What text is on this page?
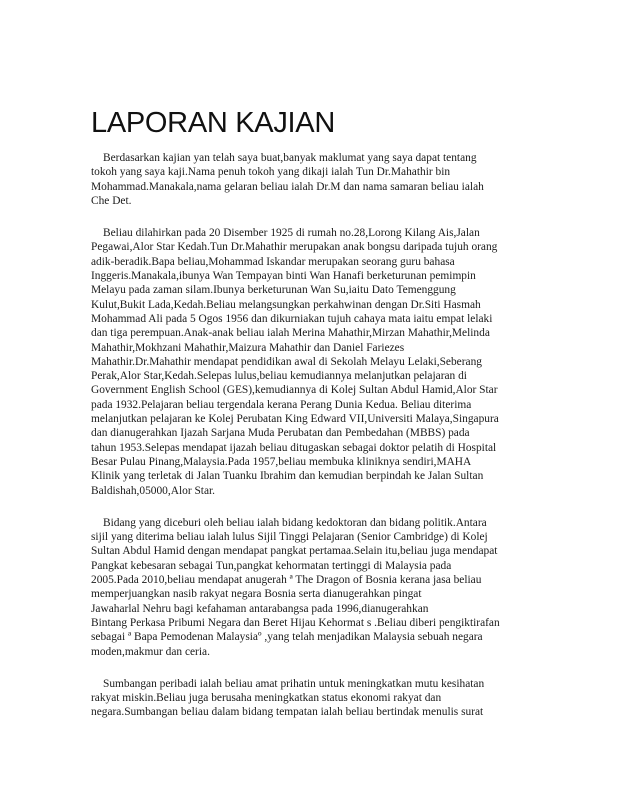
LAPORAN KAJIAN
Berdasarkan kajian yan telah saya buat,banyak maklumat yang saya dapat tentang
tokoh yang saya kaji.Nama penuh tokoh yang dikaji ialah Tun Dr.Mahathir bin
Mohammad.Manakala,nama gelaran beliau ialah Dr.M dan nama samaran beliau ialah
Che Det.
Beliau dilahirkan pada 20 Disember 1925 di rumah no.28,Lorong Kilang Ais,Jalan
Pegawai,Alor Star Kedah.Tun Dr.Mahathir merupakan anak bongsu daripada tujuh orang
adik-beradik.Bapa beliau,Mohammad Iskandar merupakan seorang guru bahasa
Inggeris.Manakala,ibunya Wan Tempayan binti Wan Hanafi berketurunan pemimpin
Melayu pada zaman silam.Ibunya berketurunan Wan Su,iaitu Dato Temenggung
Kulut,Bukit Lada,Kedah.Beliau melangsungkan perkahwinan dengan Dr.Siti Hasmah
Mohammad Ali pada 5 Ogos 1956 dan dikurniakan tujuh cahaya mata iaitu empat lelaki
dan tiga perempuan.Anak-anak beliau ialah Merina Mahathir,Mirzan Mahathir,Melinda
Mahathir,Mokhzani Mahathir,Maizura Mahathir dan Daniel Fariezes
Mahathir.Dr.Mahathir mendapat pendidikan awal di Sekolah Melayu Lelaki,Seberang
Perak,Alor Star,Kedah.Selepas lulus,beliau kemudiannya melanjutkan pelajaran di
Government English School (GES),kemudiannya di Kolej Sultan Abdul Hamid,Alor Star
pada 1932.Pelajaran beliau tergendala kerana Perang Dunia Kedua. Beliau diterima
melanjutkan pelajaran ke Kolej Perubatan King Edward VII,Universiti Malaya,Singapura
dan dianugerahkan Ijazah Sarjana Muda Perubatan dan Pembedahan (MBBS) pada
tahun 1953.Selepas mendapat ijazah beliau ditugaskan sebagai doktor pelatih di Hospital
Besar Pulau Pinang,Malaysia.Pada 1957,beliau membuka kliniknya sendiri,MAHA
Klinik yang terletak di Jalan Tuanku Ibrahim dan kemudian berpindah ke Jalan Sultan
Baldishah,05000,Alor Star.
Bidang yang diceburi oleh beliau ialah bidang kedoktoran dan bidang politik.Antara
sijil yang diterima beliau ialah lulus Sijil Tinggi Pelajaran (Senior Cambridge) di Kolej
Sultan Abdul Hamid dengan mendapat pangkat pertamaa.Selain itu,beliau juga mendapat
Pangkat kebesaran sebagai Tun,pangkat kehormatan tertinggi di Malaysia pada
2005.Pada 2010,beliau mendapat anugerah ª The Dragon of Bosnia kerana jasa beliau
memperjuangkan nasib rakyat negara Bosnia serta dianugerahkan pingat
Jawaharlal Nehru bagi kefahaman antarabangsa pada 1996,dianugerahkan
Bintang Perkasa Pribumi Negara dan Beret Hijau Kehormat s .Beliau diberi pengiktirafan
sebagai ª Bapa Pemodenan Malaysiaº ,yang telah menjadikan Malaysia sebuah negara
moden,makmur dan ceria.
Sumbangan peribadi ialah beliau amat prihatin untuk meningkatkan mutu kesihatan
rakyat miskin.Beliau juga berusaha meningkatkan status ekonomi rakyat dan
negara.Sumbangan beliau dalam bidang tempatan ialah beliau bertindak menulis surat
